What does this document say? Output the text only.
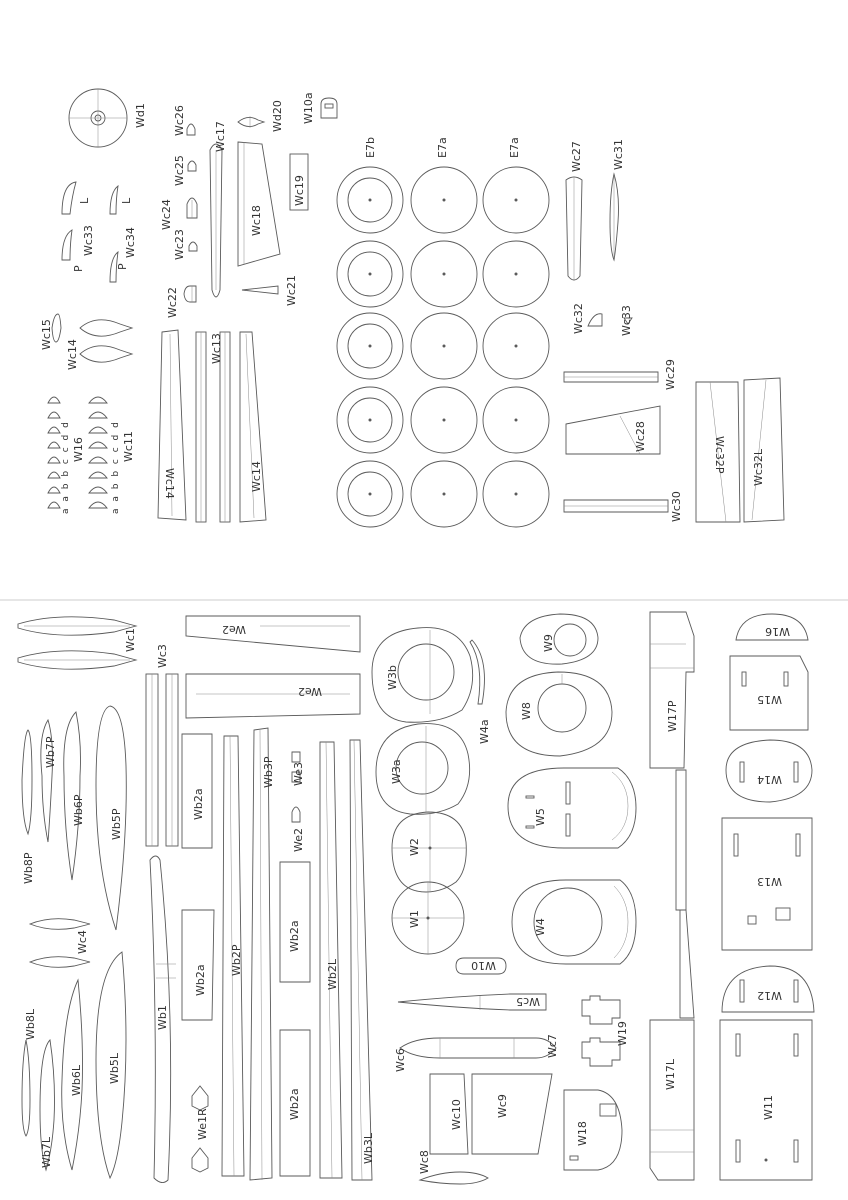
Wd1 Wc26
Wc25
Wc24
Wc23
Wc22
Wc17
Wd20 W10a
Wc18
Wc19
Wc21
Wc33	Wc34
L	L
P	P
Wc15
Wc14
W16
a a b b c c d d	Wc11
a a b b c c d d	Wc14
Wc13
Wc14
E7b	E7a	E7a	Wc27	Wc31
Wc32	Wc33
Wc29
Wc28
Wc30
Wc32P Wc32L
Wc1
Wc3
We2
We2
W3b
W4a
W3a
W2
W1
W9
W8
W5
W4
W10
Wc5
Wc6
Wc7
Wc8
Wc10	Wc9
W19
W18
W17P
W17L
W16
W15
W14
W13
W12
W11
Wb7P
Wb6P Wb5P
Wb8P
Wc4
Wb8L
Wb7L
Wb6L Wb5L
Wb1
We1R
Wb2a
Wb2a
Wb2a
Wb2a
Wb2P
Wb3P We3
We2
Wb2L
Wb3L
